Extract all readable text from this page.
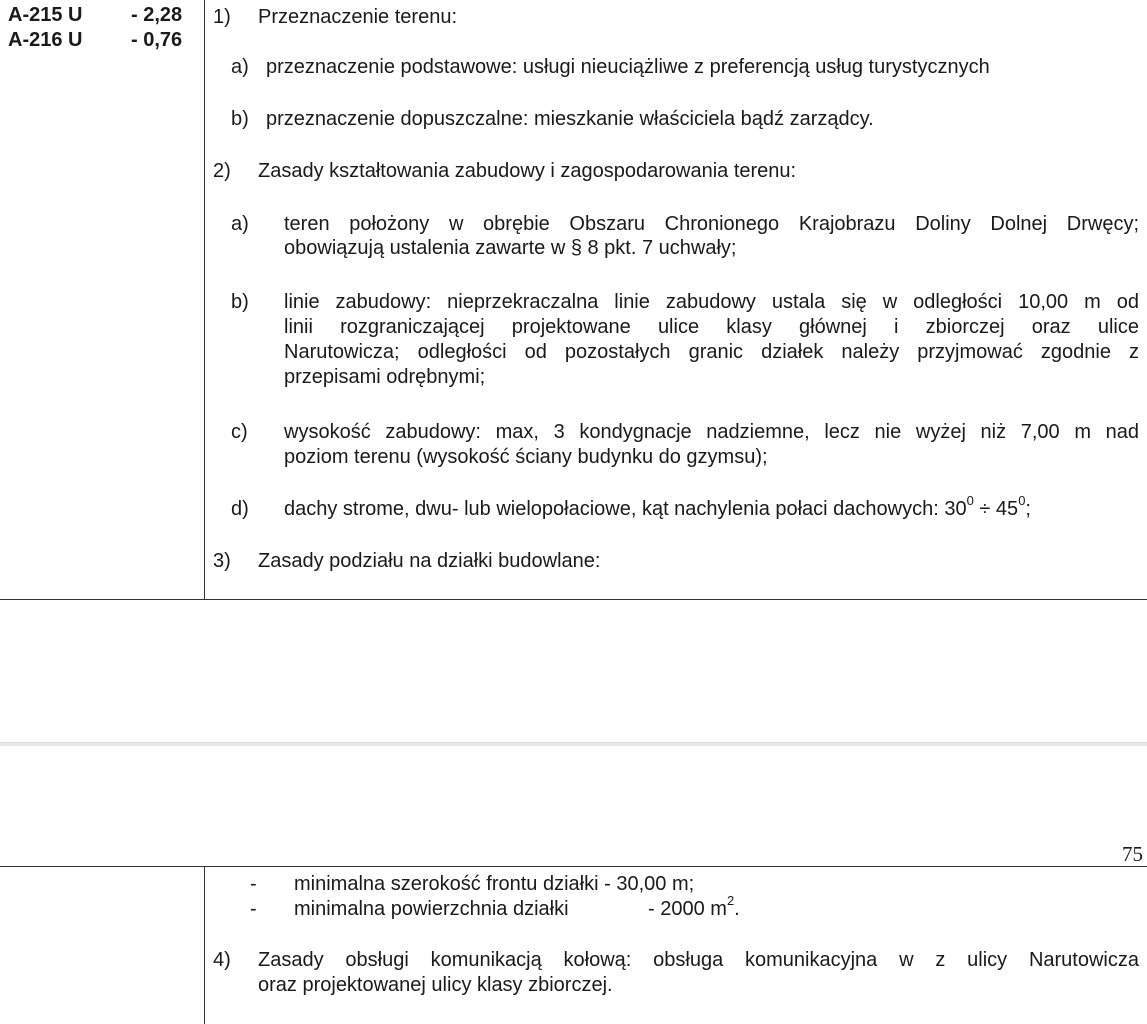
A-215 U - 2,28
A-216 U - 0,76
1) Przeznaczenie terenu:
a) przeznaczenie podstawowe: usługi nieuciążliwe z preferencją usług turystycznych
b) przeznaczenie dopuszczalne: mieszkanie właściciela bądź zarządcy.
2) Zasady kształtowania zabudowy i zagospodarowania terenu:
a) teren położony w obrębie Obszaru Chronionego Krajobrazu Doliny Dolnej Drwęcy;
obowiązują ustalenia zawarte w § 8 pkt. 7 uchwały;
b) linie zabudowy: nieprzekraczalna linie zabudowy ustala się w odległości 10,00 m od
linii rozgraniczającej projektowane ulice klasy głównej i zbiorczej oraz ulice
Narutowicza; odległości od pozostałych granic działek należy przyjmować zgodnie z
przepisami odrębnymi;
c) wysokość zabudowy: max, 3 kondygnacje nadziemne, lecz nie wyżej niż 7,00 m nad
poziom terenu (wysokość ściany budynku do gzymsu);
d) dachy strome, dwu- lub wielopołaciowe, kąt nachylenia połaci dachowych: $30^0 \div 45^0$;
3) Zasady podziału na działki budowlane:
75
- minimalna szerokość frontu działki - 30,00 m;
- minimalna powierzchnia działki	- 2000 $m^2$.
4) Zasady obsługi komunikacją kołową: obsługa komunikacyjna w z ulicy Narutowicza
oraz projektowanej ulicy klasy zbiorczej.
